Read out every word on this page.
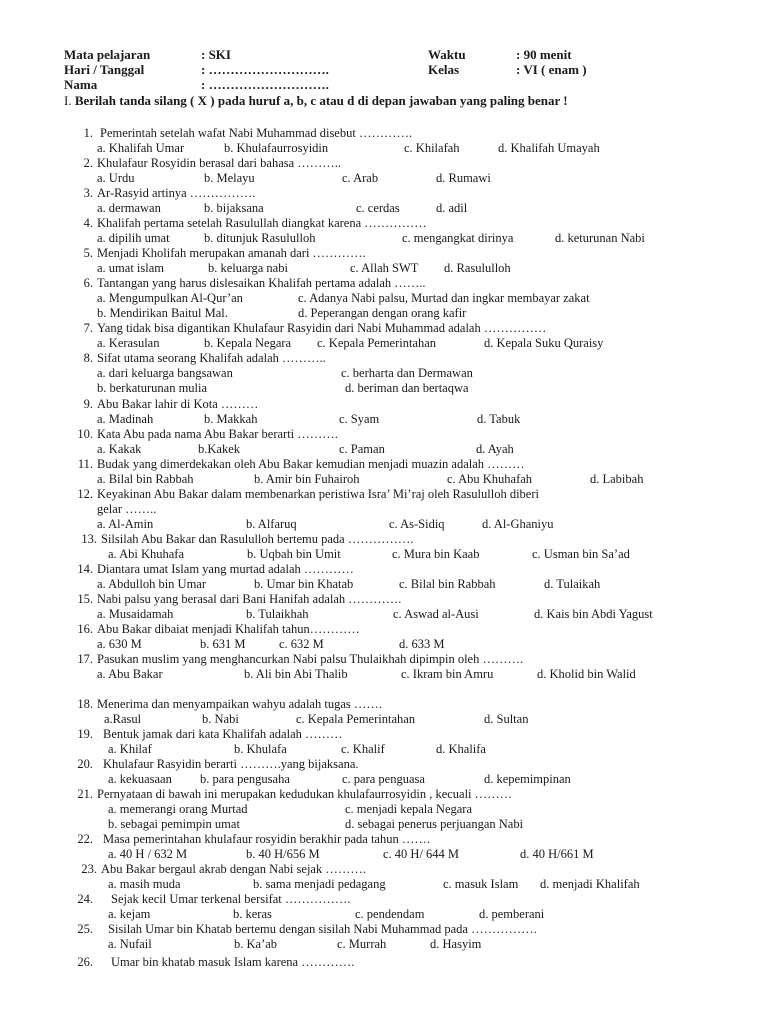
Mata pelajaran	: SKI
Hari / Tanggal	: ……………………….
Nama	: ……………………….
Waktu	: 90 menit
Kelas	: VI ( enam )
I. Berilah tanda silang ( X ) pada huruf a, b, c atau d di depan jawaban yang paling benar !
1. Pemerintah setelah wafat Nabi Muhammad disebut ………….
a. Khalifah Umar	b. Khulafaurrosyidin	c. Khilafah	d. Khalifah Umayah
2. Khulafaur Rosyidin berasal dari bahasa ………..
a. Urdu	b. Melayu	c. Arab	d. Rumawi
3. Ar-Rasyid artinya …………….
a. dermawan	b. bijaksana	c. cerdas	d. adil
4. Khalifah pertama setelah Rasulullah diangkat karena ……………
a. dipilih umat	b. ditunjuk Rasululloh	c. mengangkat dirinya	d. keturunan Nabi
5. Menjadi Kholifah merupakan amanah dari ………….
a. umat islam	b. keluarga nabi	c. Allah SWT d. Rasululloh
6. Tantangan yang harus dislesaikan Khalifah pertama adalah ……..
a. Mengumpulkan Al-Qur’an	c. Adanya Nabi palsu, Murtad dan ingkar membayar zakat
b. Mendirikan Baitul Mal.	d. Peperangan dengan orang kafir
7. Yang tidak bisa digantikan Khulafaur Rasyidin dari Nabi Muhammad adalah ……………
a. Kerasulan	b. Kepala Negara c. Kepala Pemerintahan	d. Kepala Suku Quraisy
8. Sifat utama seorang Khalifah adalah ………..
a. dari keluarga bangsawan	c. berharta dan Dermawan
b. berkaturunan mulia	d. beriman dan bertaqwa
9. Abu Bakar lahir di Kota ………
a. Madinah	b. Makkah	c. Syam	d. Tabuk
10. Kata Abu pada nama Abu Bakar berarti ……….
a. Kakak	b.Kakek	c. Paman	d. Ayah
11. Budak yang dimerdekakan oleh Abu Bakar kemudian menjadi muazin adalah ………
a. Bilal bin Rabbah	b. Amir bin Fuhairoh	c. Abu Khuhafah	d. Labibah
12. Keyakinan Abu Bakar dalam membenarkan peristiwa Isra’ Mi’raj oleh Rasululloh diberi
gelar ……..
a. Al-Amin	b. Alfaruq	c. As-Sidiq	d. Al-Ghaniyu
13. Silsilah Abu Bakar dan Rasululloh bertemu pada …………….
a. Abi Khuhafa	b. Uqbah bin Umit	c. Mura bin Kaab	c. Usman bin Sa’ad
14. Diantara umat Islam yang murtad adalah …………
a. Abdulloh bin Umar	b. Umar bin Khatab	c. Bilal bin Rabbah	d. Tulaikah
15. Nabi palsu yang berasal dari Bani Hanifah adalah ………….
a. Musaidamah	b. Tulaikhah	c. Aswad al-Ausi	d. Kais bin Abdi Yagust
16. Abu Bakar dibaiat menjadi Khalifah tahun…………
a. 630 M	b. 631 M	c. 632 M	d. 633 M
17. Pasukan muslim yang menghancurkan Nabi palsu Thulaikhah dipimpin oleh ……….
a. Abu Bakar	b. Ali bin Abi Thalib	c. Ikram bin Amru	d. Kholid bin Walid
18. Menerima dan menyampaikan wahyu adalah tugas …….
a.Rasul	b. Nabi	c. Kepala Pemerintahan	d. Sultan
19. Bentuk jamak dari kata Khalifah adalah ………
a. Khilaf	b. Khulafa	c. Khalif	d. Khalifa
20. Khulafaur Rasyidin berarti ……….yang bijaksana.
a. kekuasaan b. para pengusaha	c. para penguasa	d. kepemimpinan
21. Pernyataan di bawah ini merupakan kedudukan khulafaurrosyidin , kecuali ………
a. memerangi orang Murtad	c. menjadi kepala Negara
b. sebagai pemimpin umat	d. sebagai penerus perjuangan Nabi
22. Masa pemerintahan khulafaur rosyidin berakhir pada tahun …….
a. 40 H / 632 M	b. 40 H/656 M	c. 40 H/ 644 M	d. 40 H/661 M
23. Abu Bakar bergaul akrab dengan Nabi sejak ……….
a. masih muda	b. sama menjadi pedagang	c. masuk Islam d. menjadi Khalifah
24. Sejak kecil Umar terkenal bersifat …………….
a. kejam	b. keras	c. pendendam	d. pemberani
25. Sisilah Umar bin Khatab bertemu dengan sisilah Nabi Muhammad pada …………….
a. Nufail	b. Ka’ab	c. Murrah	d. Hasyim
26. Umar bin khatab masuk Islam karena ………….
